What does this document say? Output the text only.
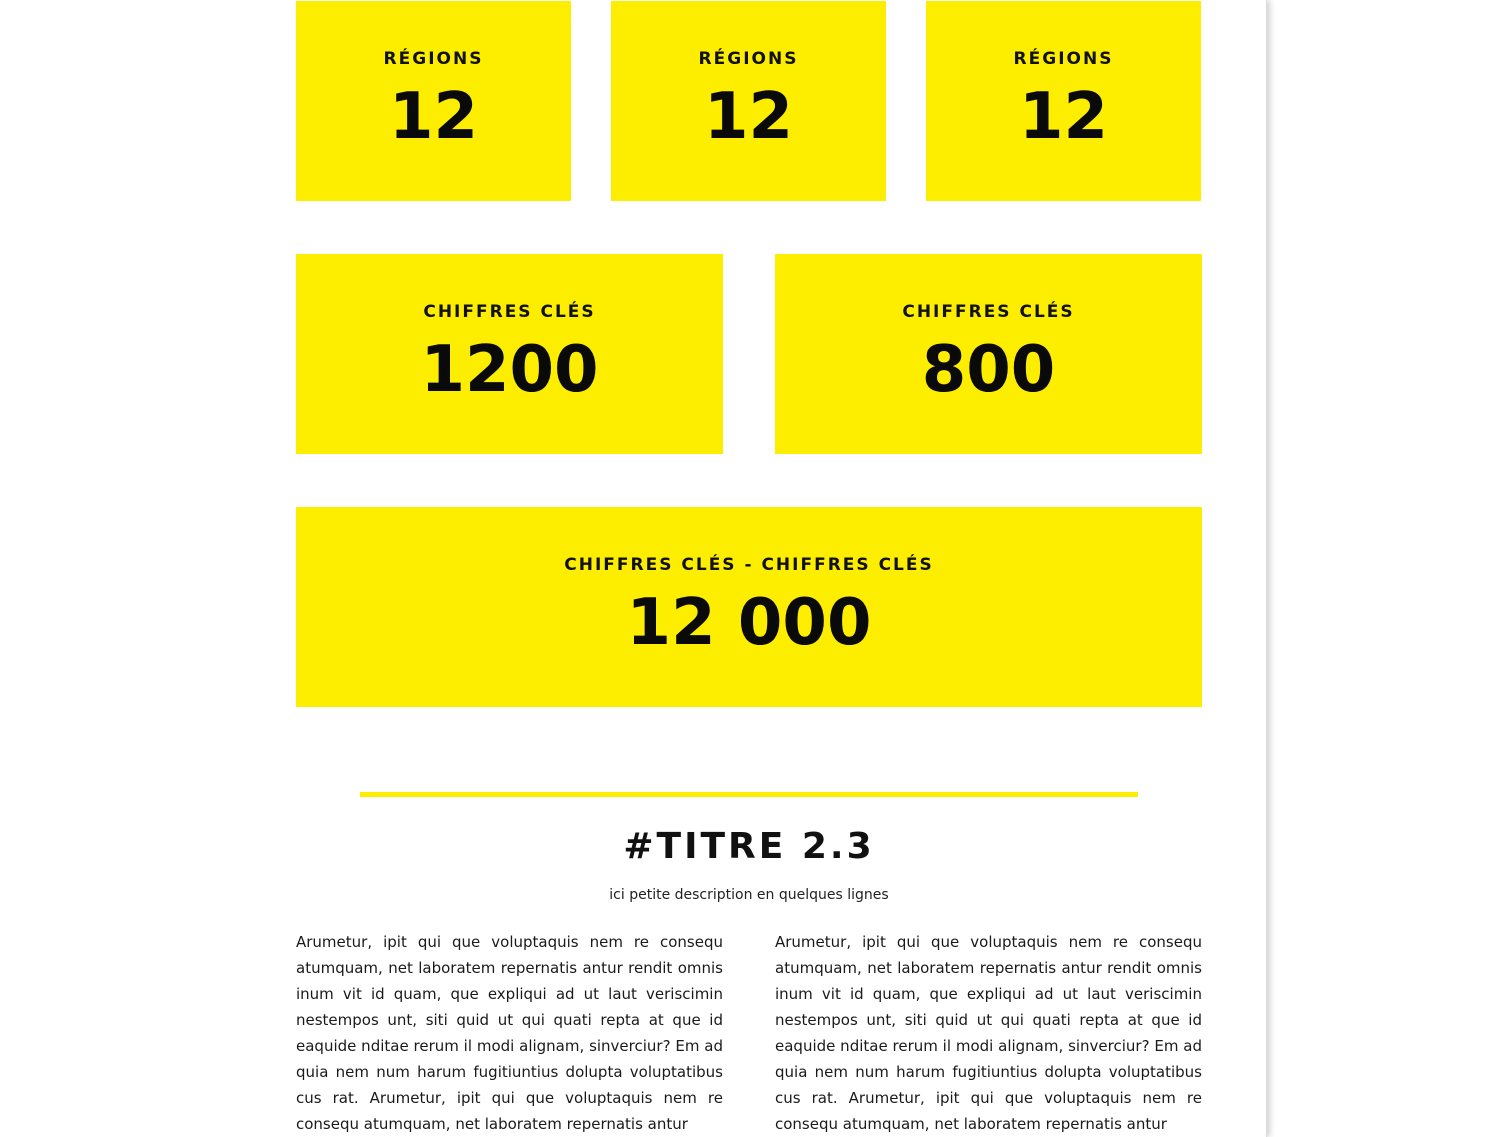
RÉGIONS
12
RÉGIONS
12
RÉGIONS
12
CHIFFRES CLÉS
1200
CHIFFRES CLÉS
800
CHIFFRES CLÉS - CHIFFRES CLÉS
12 000
#TITRE 2.3
ici petite description en quelques lignes
Arumetur, ipit qui que voluptaquis nem re consequ atumquam, net laboratem repernatis antur rendit omnis inum vit id quam, que expliqui ad ut laut veriscimin nestempos unt, siti quid ut qui quati repta at que id eaquide nditae rerum il modi alignam, sinverciur? Em ad quia nem num harum fugitiuntius dolupta voluptatibus cus rat. Arumetur, ipit qui que voluptaquis nem re consequ atumquam, net laboratem repernatis antur
Arumetur, ipit qui que voluptaquis nem re consequ atumquam, net laboratem repernatis antur rendit omnis inum vit id quam, que expliqui ad ut laut veriscimin nestempos unt, siti quid ut qui quati repta at que id eaquide nditae rerum il modi alignam, sinverciur? Em ad quia nem num harum fugitiuntius dolupta voluptatibus cus rat. Arumetur, ipit qui que voluptaquis nem re consequ atumquam, net laboratem repernatis antur
